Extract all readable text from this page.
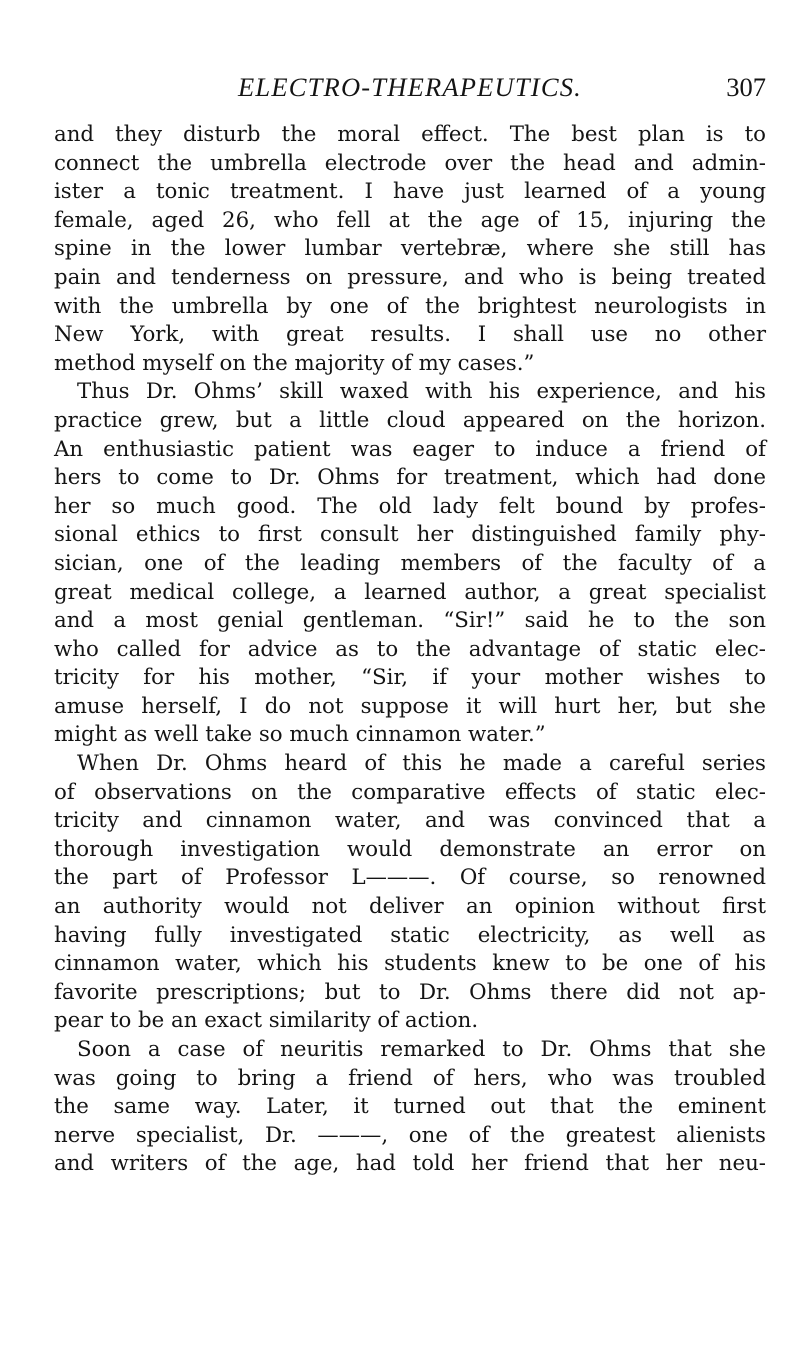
ELECTRO-THERAPEUTICS.	307
and they disturb the moral effect. The best plan is to
connect the umbrella electrode over the head and admin-
ister a tonic treatment. I have just learned of a young
female, aged 26, who fell at the age of 15, injuring the
spine in the lower lumbar vertebræ, where she still has
pain and tenderness on pressure, and who is being treated
with the umbrella by one of the brightest neurologists in
New York, with great results. I shall use no other
method myself on the majority of my cases.”
Thus Dr. Ohms’ skill waxed with his experience, and his
practice grew, but a little cloud appeared on the horizon.
An enthusiastic patient was eager to induce a friend of
hers to come to Dr. Ohms for treatment, which had done
her so much good. The old lady felt bound by profes-
sional ethics to first consult her distinguished family phy-
sician, one of the leading members of the faculty of a
great medical college, a learned author, a great specialist
and a most genial gentleman. “Sir!” said he to the son
who called for advice as to the advantage of static elec-
tricity for his mother, “Sir, if your mother wishes to
amuse herself, I do not suppose it will hurt her, but she
might as well take so much cinnamon water.”
When Dr. Ohms heard of this he made a careful series
of observations on the comparative effects of static elec-
tricity and cinnamon water, and was convinced that a
thorough investigation would demonstrate an error on
the part of Professor L———. Of course, so renowned
an authority would not deliver an opinion without first
having fully investigated static electricity, as well as
cinnamon water, which his students knew to be one of his
favorite prescriptions; but to Dr. Ohms there did not ap-
pear to be an exact similarity of action.
Soon a case of neuritis remarked to Dr. Ohms that she
was going to bring a friend of hers, who was troubled
the same way. Later, it turned out that the eminent
nerve specialist, Dr. ———, one of the greatest alienists
and writers of the age, had told her friend that her neu-
